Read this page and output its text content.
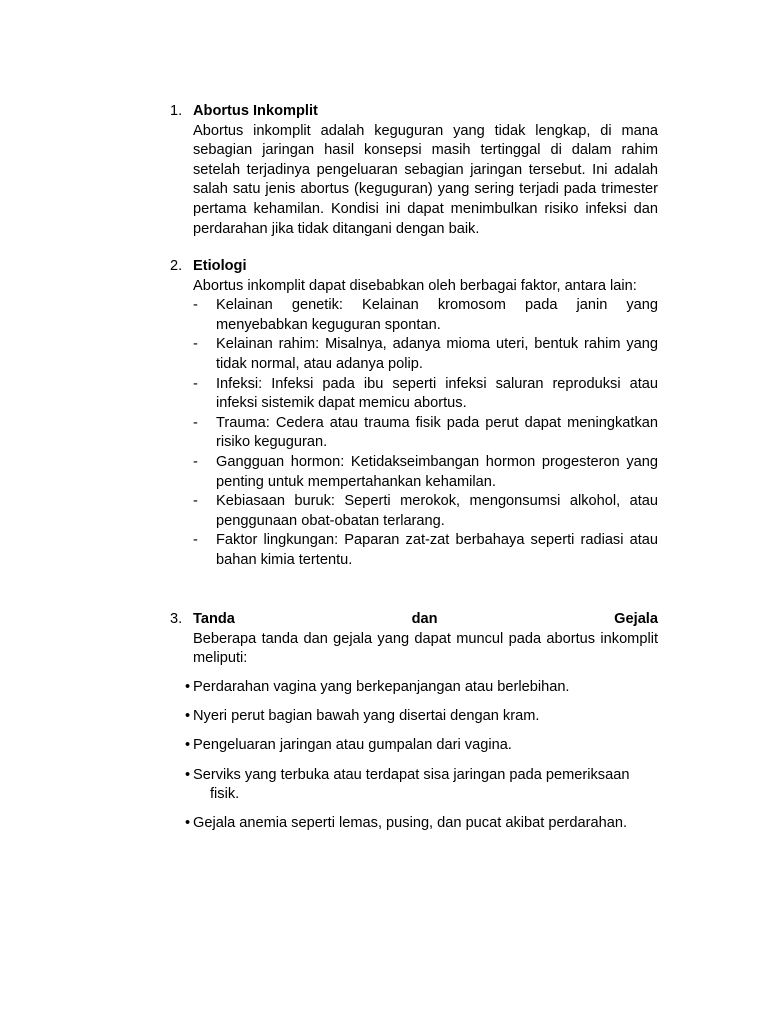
1. Abortus Inkomplit
Abortus inkomplit adalah keguguran yang tidak lengkap, di mana sebagian jaringan hasil konsepsi masih tertinggal di dalam rahim setelah terjadinya pengeluaran sebagian jaringan tersebut. Ini adalah salah satu jenis abortus (keguguran) yang sering terjadi pada trimester pertama kehamilan. Kondisi ini dapat menimbulkan risiko infeksi dan perdarahan jika tidak ditangani dengan baik.
2. Etiologi
Abortus inkomplit dapat disebabkan oleh berbagai faktor, antara lain:
- Kelainan genetik: Kelainan kromosom pada janin yang menyebabkan keguguran spontan.
- Kelainan rahim: Misalnya, adanya mioma uteri, bentuk rahim yang tidak normal, atau adanya polip.
- Infeksi: Infeksi pada ibu seperti infeksi saluran reproduksi atau infeksi sistemik dapat memicu abortus.
- Trauma: Cedera atau trauma fisik pada perut dapat meningkatkan risiko keguguran.
- Gangguan hormon: Ketidakseimbangan hormon progesteron yang penting untuk mempertahankan kehamilan.
- Kebiasaan buruk: Seperti merokok, mengonsumsi alkohol, atau penggunaan obat-obatan terlarang.
- Faktor lingkungan: Paparan zat-zat berbahaya seperti radiasi atau bahan kimia tertentu.
3. Tanda	dan	Gejala
Beberapa tanda dan gejala yang dapat muncul pada abortus inkomplit meliputi:
• Perdarahan vagina yang berkepanjangan atau berlebihan.
• Nyeri perut bagian bawah yang disertai dengan kram.
• Pengeluaran jaringan atau gumpalan dari vagina.
• Serviks yang terbuka atau terdapat sisa jaringan pada pemeriksaan
fisik.
• Gejala anemia seperti lemas, pusing, dan pucat akibat perdarahan.
